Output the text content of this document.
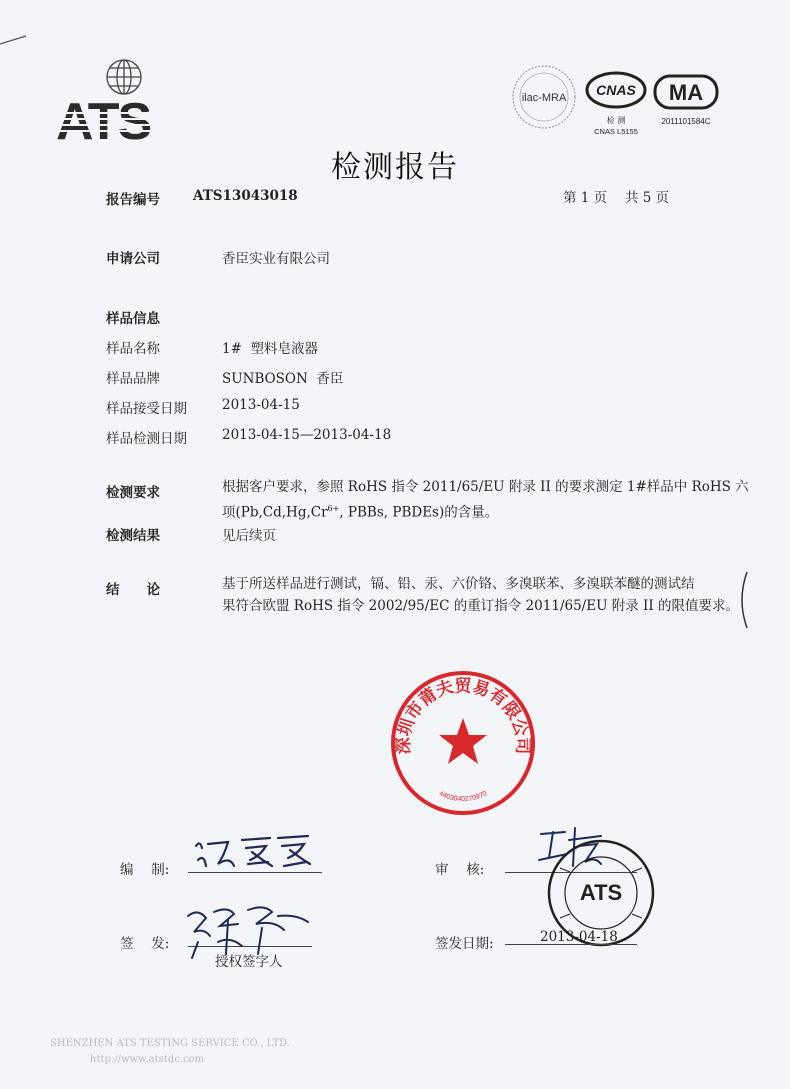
ATS	ilac-MRA CNAS
检 测
CNAS L5155
MA
2011101584C
检测报告
报告编号 ATS13043018	第 1 页　 共 5 页
申请公司	香臣实业有限公司
样品信息
样品名称	1#  塑料皂液器
样品品牌	SUNBOSON  香臣
样品接受日期	2013-04-15
样品检测日期	2013-04-15—2013-04-18
检测要求	根据客户要求，参照 RoHS 指令 2011/65/EU 附录 II 的要求测定 1#样品中 RoHS 六
项($Pb,Cd,Hg,Cr^{6+}$, PBBs, PBDEs)的含量。
检测结果	见后续页
结　　论	基于所送样品进行测试，镉、铅、汞、六价铬、多溴联苯、多溴联苯醚的测试结
果符合欧盟 RoHS 指令 2002/95/EC 的重订指令 2011/65/EU 附录 II 的限值要求。
深圳市莆夫贸易有限公司
4403040270970
编　 制:	审　 核:
ATS
签　 发:
授权签字人
签发日期:	2013-04-18
SHENZHEN ATS TESTING SERVICE CO., LTD.
http://www.atstdc.com
